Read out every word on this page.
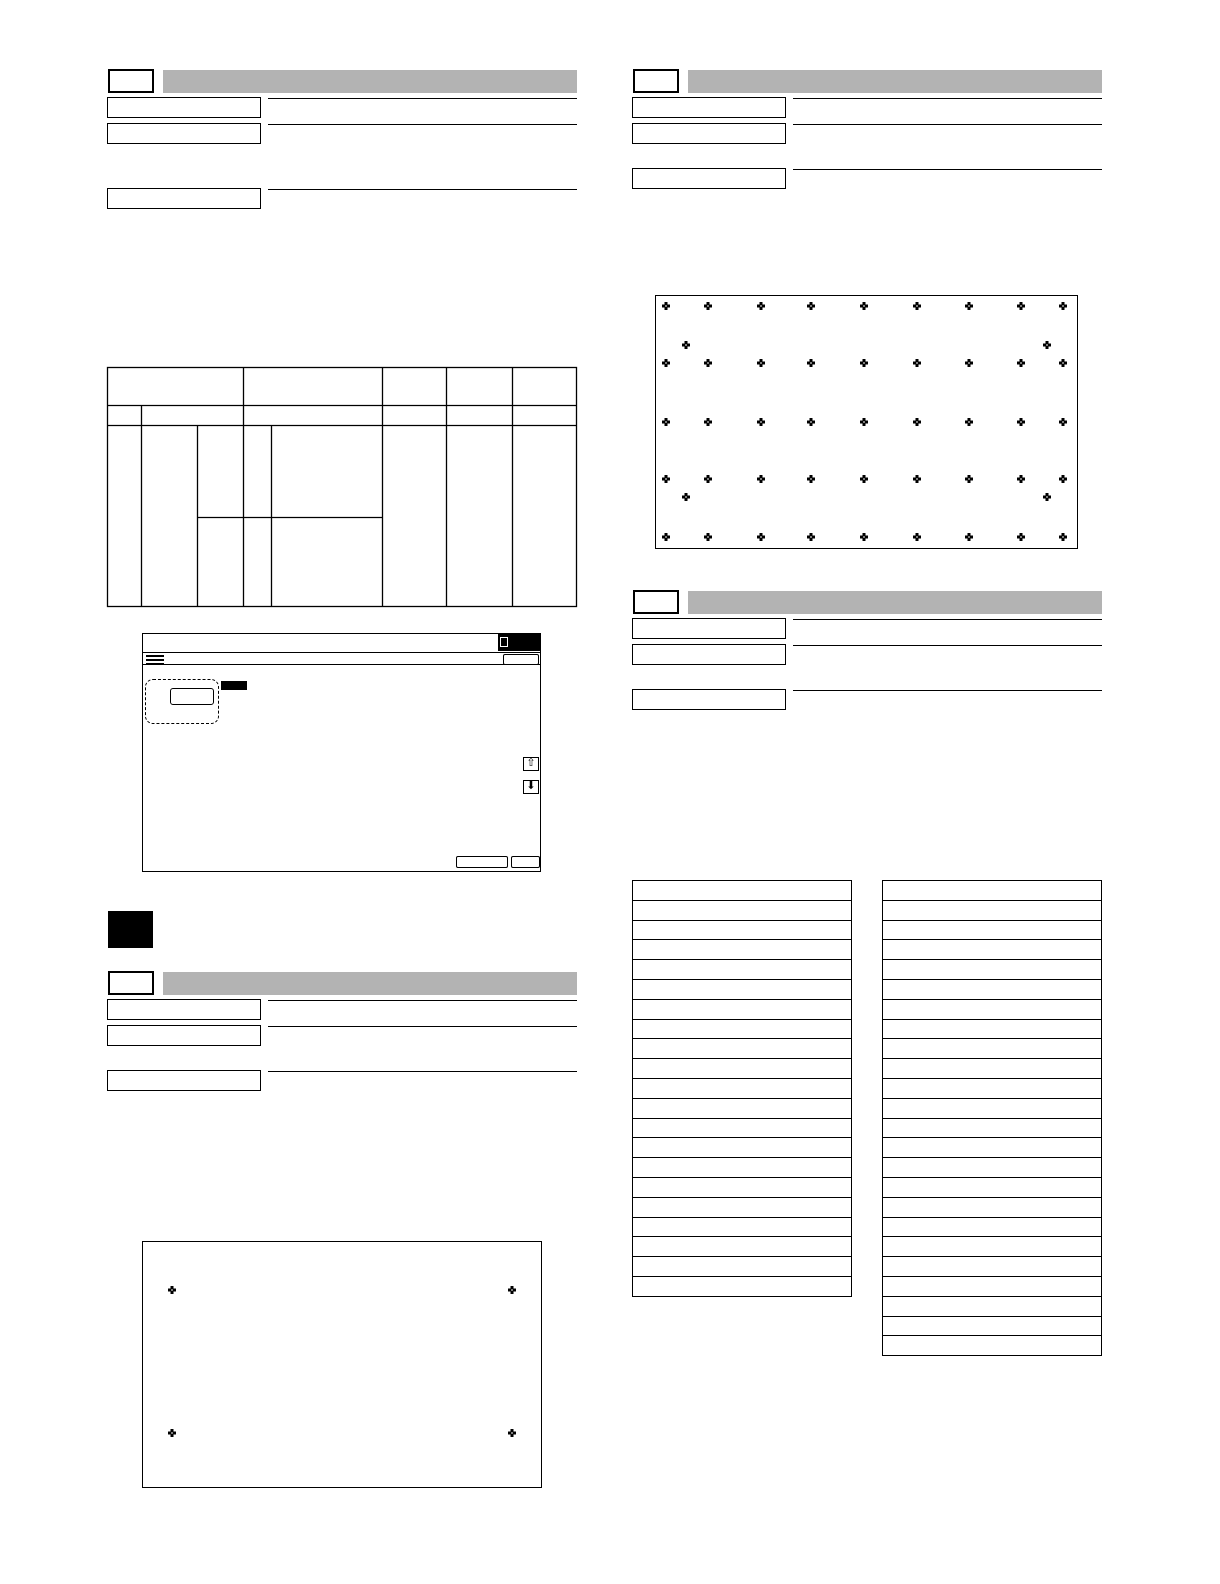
⇧
⬇
